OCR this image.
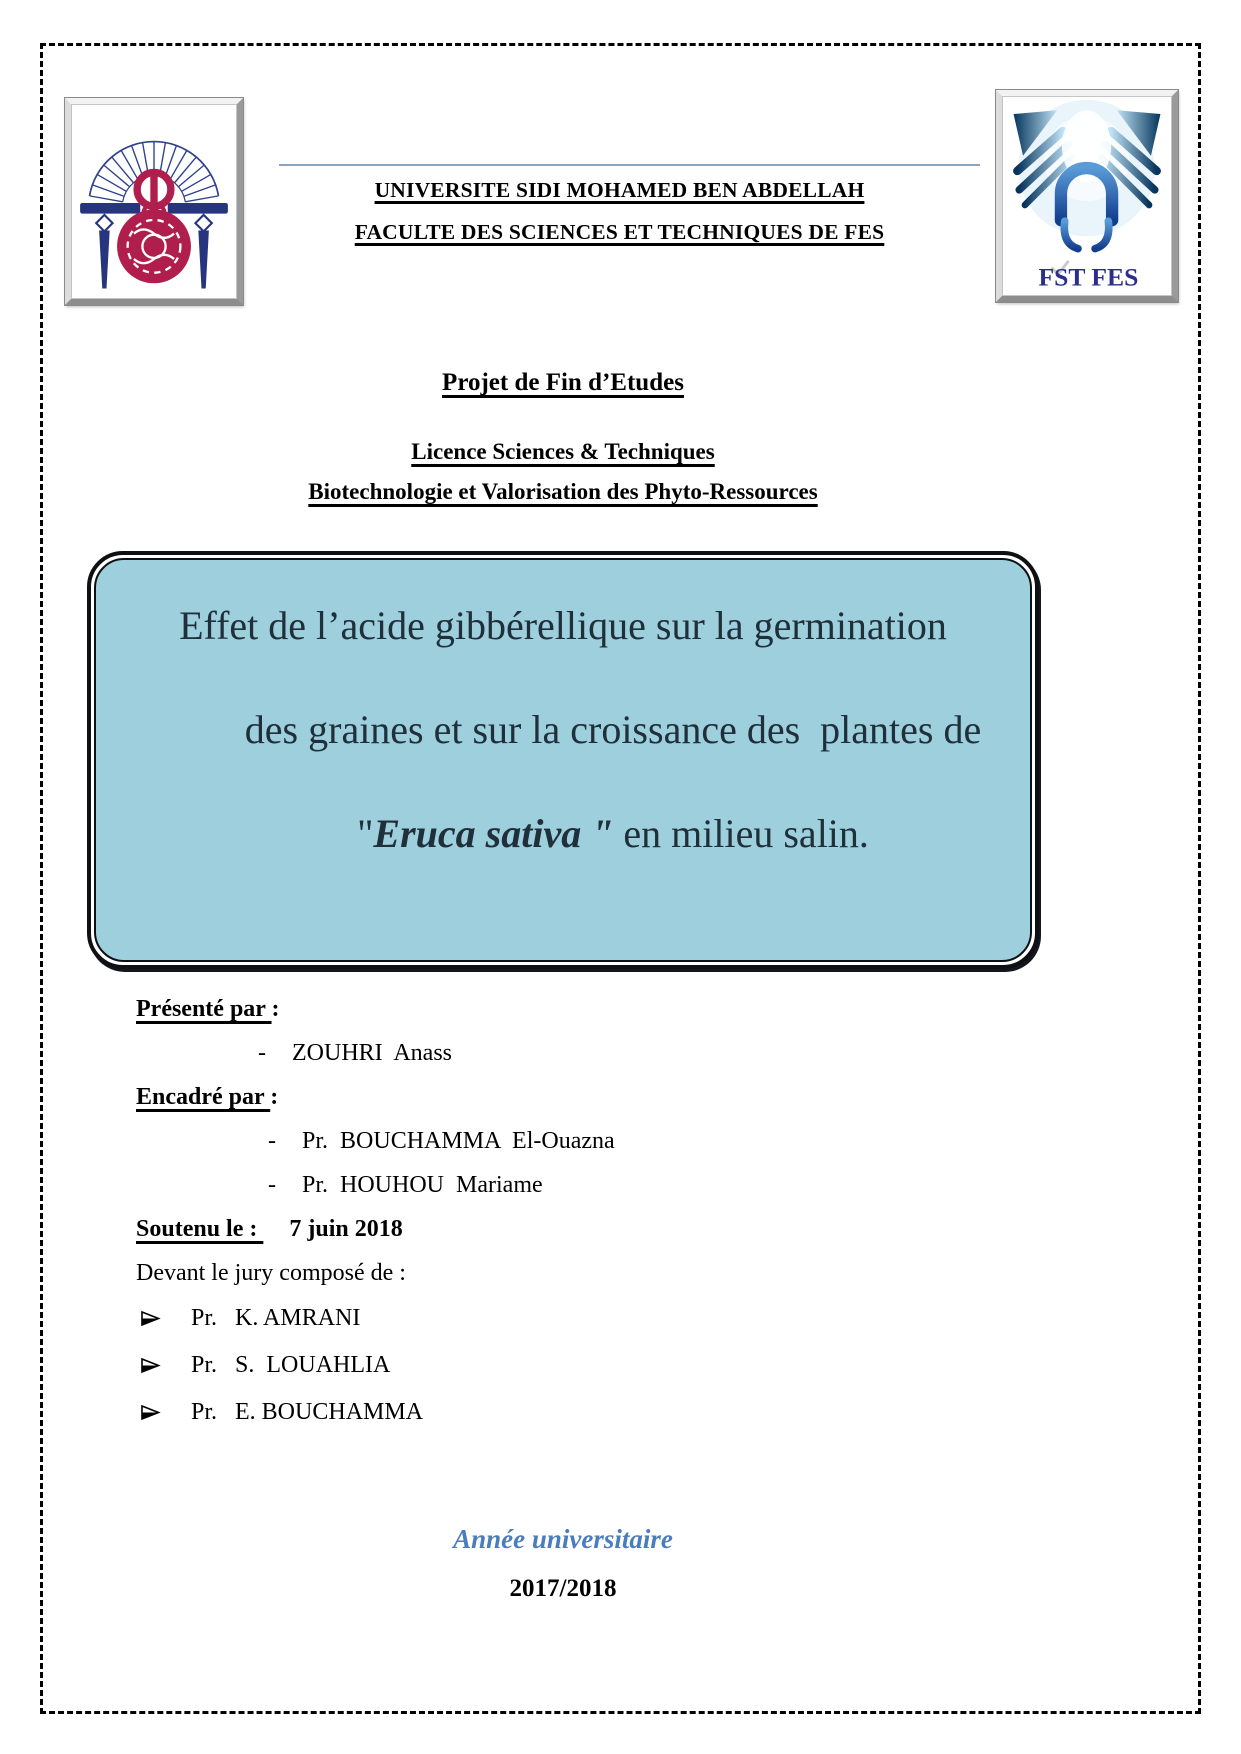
UNIVERSITE SIDI MOHAMED BEN ABDELLAH
FACULTE DES SCIENCES ET TECHNIQUES DE FES
FST FES
Projet de Fin d’Etudes
Licence Sciences & Techniques
Biotechnologie et Valorisation des Phyto-Ressources
Effet de l’acide gibbérellique sur la germination

des graines et sur la croissance des  plantes de

"Eruca sativa " en milieu salin.

Présenté par :
- ZOUHRI  Anass
Encadré par :
- Pr.  BOUCHAMMA  El-Ouazna
- Pr.  HOUHOU  Mariame
Soutenu le : 7 juin 2018
Devant le jury composé de :
Pr.   K. AMRANI
Pr.   S.  LOUAHLIA
Pr.   E. BOUCHAMMA
Année universitaire
2017/2018
